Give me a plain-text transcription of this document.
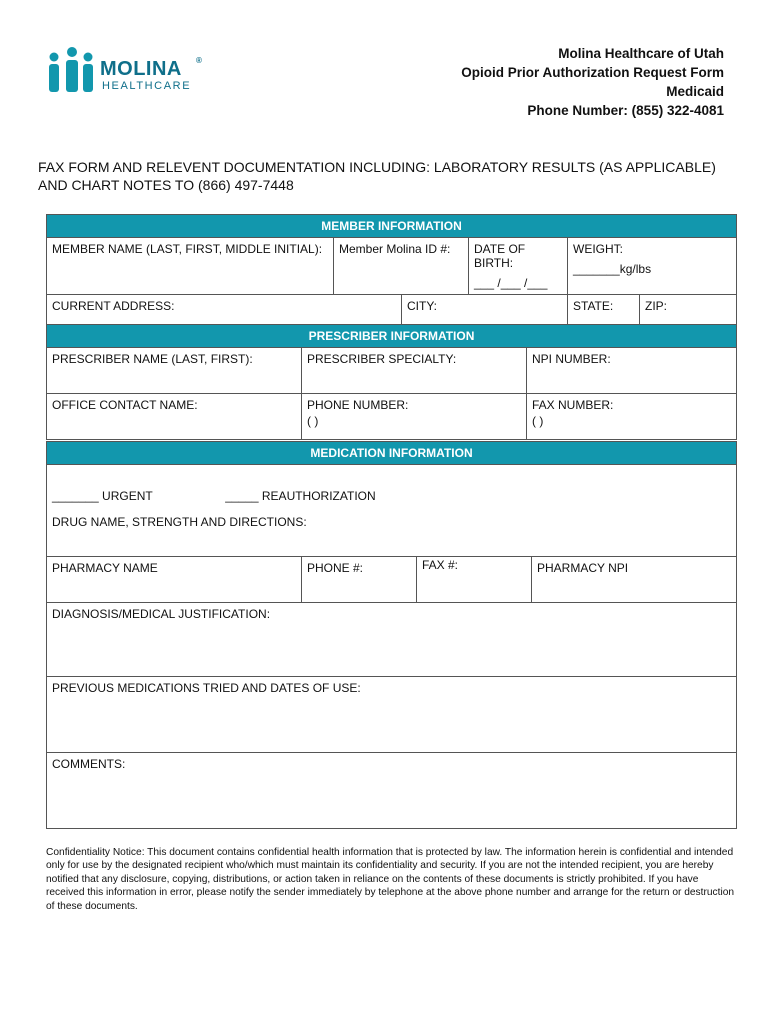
MOLINA ®
HEALTHCARE
Molina Healthcare of Utah
Opioid Prior Authorization Request Form
Medicaid
Phone Number: (855) 322-4081
FAX FORM AND RELEVENT DOCUMENTATION INCLUDING: LABORATORY RESULTS (AS APPLICABLE) AND CHART NOTES TO (866) 497-7448
MEMBER INFORMATION					

MEMBER NAME (LAST, FIRST, MIDDLE INITIAL):	Member Molina ID #:		DATE OF BIRTH:
___ /___ /___	WEIGHT:
_______kg/lbs	

CURRENT ADDRESS:		CITY:		STATE:	ZIP:
PRESCRIBER INFORMATION		

PRESCRIBER NAME (LAST, FIRST):	PRESCRIBER SPECIALTY:	NPI NUMBER:

OFFICE CONTACT NAME:	PHONE NUMBER:
( )	FAX NUMBER:
( )
MEDICATION INFORMATION
_______ URGENT	_____ REAUTHORIZATION
DRUG NAME, STRENGTH AND DIRECTIONS:

PHARMACY NAME	PHONE #:	FAX #:	PHARMACY NPI

DIAGNOSIS/MEDICAL JUSTIFICATION:

PREVIOUS MEDICATIONS TRIED AND DATES OF USE:

COMMENTS:
Confidentiality Notice: This document contains confidential health information that is protected by law. The information herein is confidential and intended only for use by the designated recipient who/which must maintain its confidentiality and security. If you are not the intended recipient, you are hereby notified that any disclosure, copying, distributions, or action taken in reliance on the contents of these documents is strictly prohibited. If you have received this information in error, please notify the sender immediately by telephone at the above phone number and arrange for the return or destruction of these documents.
